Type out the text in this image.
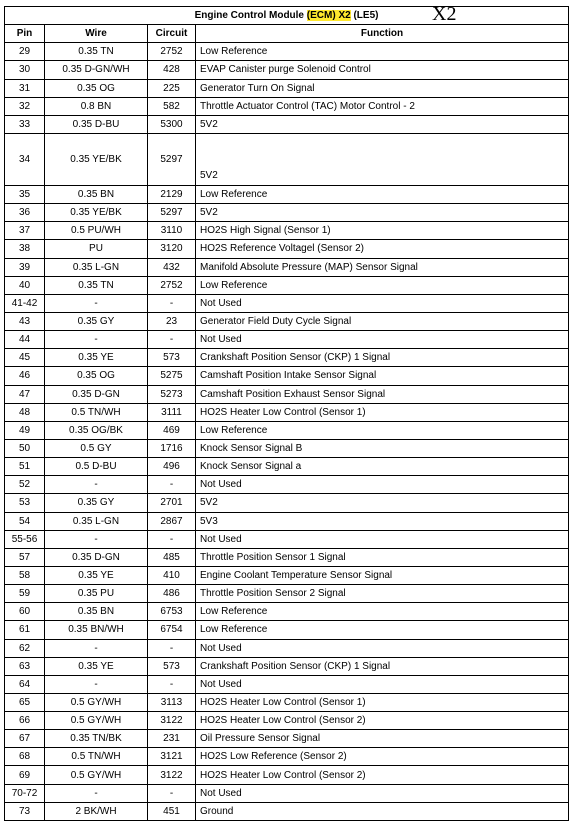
X2
Engine Control Module (ECM) X2 (LE5)			
Pin	Wire	Circuit	Function
29	0.35 TN	2752	Low Reference
30	0.35 D-GN/WH	428	EVAP Canister purge Solenoid Control
31	0.35 OG	225	Generator Turn On Signal
32	0.8 BN	582	Throttle Actuator Control (TAC) Motor Control - 2
33	0.35 D-BU	5300	5V2
34	0.35 YE/BK	5297	5V2
35	0.35 BN	2129	Low Reference
36	0.35 YE/BK	5297	5V2
37	0.5 PU/WH	3110	HO2S High Signal (Sensor 1)
38	PU	3120	HO2S Reference Voltagel (Sensor 2)
39	0.35 L-GN	432	Manifold Absolute Pressure (MAP) Sensor Signal
40	0.35 TN	2752	Low Reference
41-42	-	-	Not Used
43	0.35 GY	23	Generator Field Duty Cycle Signal
44	-	-	Not Used
45	0.35 YE	573	Crankshaft Position Sensor (CKP) 1 Signal
46	0.35 OG	5275	Camshaft Position Intake Sensor Signal
47	0.35 D-GN	5273	Camshaft Position Exhaust Sensor Signal
48	0.5 TN/WH	3111	HO2S Heater Low Control (Sensor 1)
49	0.35 OG/BK	469	Low Reference
50	0.5 GY	1716	Knock Sensor Signal B
51	0.5 D-BU	496	Knock Sensor Signal a
52	-	-	Not Used
53	0.35 GY	2701	5V2
54	0.35 L-GN	2867	5V3
55-56	-	-	Not Used
57	0.35 D-GN	485	Throttle Position Sensor 1 Signal
58	0.35 YE	410	Engine Coolant Temperature Sensor Signal
59	0.35 PU	486	Throttle Position Sensor 2 Signal
60	0.35 BN	6753	Low Reference
61	0.35 BN/WH	6754	Low Reference
62	-	-	Not Used
63	0.35 YE	573	Crankshaft Position Sensor (CKP) 1 Signal
64	-	-	Not Used
65	0.5 GY/WH	3113	HO2S Heater Low Control (Sensor 1)
66	0.5 GY/WH	3122	HO2S Heater Low Control (Sensor 2)
67	0.35 TN/BK	231	Oil Pressure Sensor Signal
68	0.5 TN/WH	3121	HO2S Low Reference (Sensor 2)
69	0.5 GY/WH	3122	HO2S Heater Low Control (Sensor 2)
70-72	-	-	Not Used
73	2 BK/WH	451	Ground
